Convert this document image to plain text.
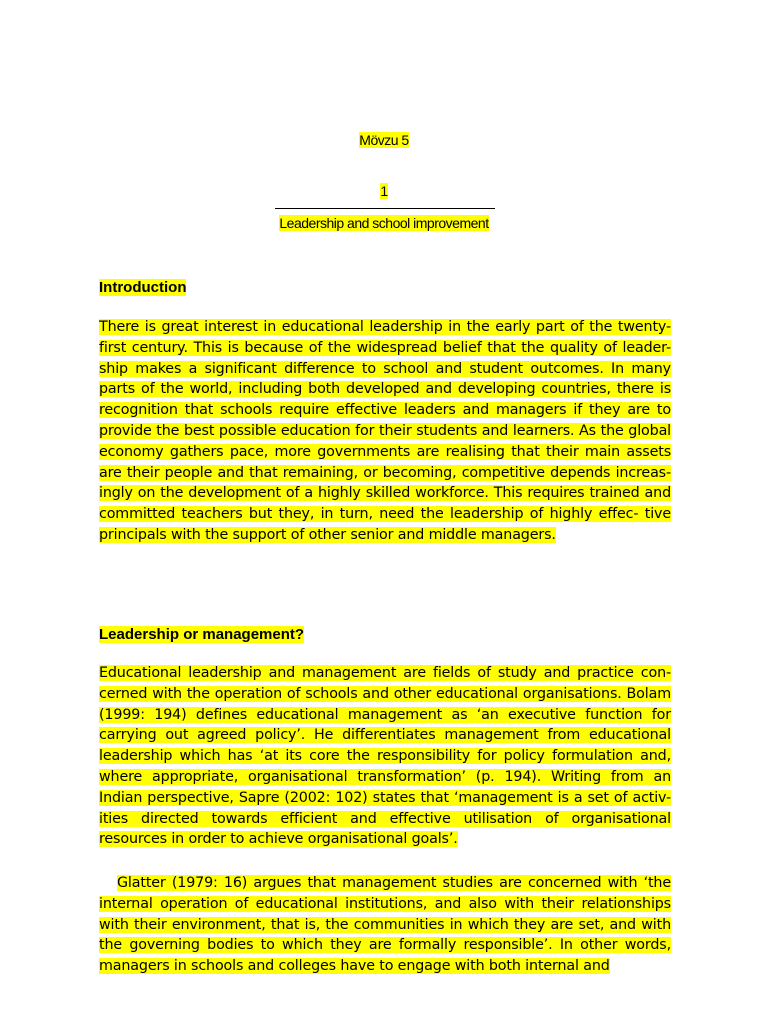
Mövzu 5
1
Leadership and school improvement
Introduction

There is great interest in educational leadership in the early part of the twenty- first century. This is because of the widespread belief that the quality of leader- ship makes a significant difference to school and student outcomes. In many parts of the world, including both developed and developing countries, there is recognition that schools require effective leaders and managers if they are to provide the best possible education for their students and learners. As the global economy gathers pace, more governments are realising that their main assets are their people and that remaining, or becoming, competitive depends increas- ingly on the development of a highly skilled workforce. This requires trained and committed teachers but they, in turn, need the leadership of highly effec- tive principals with the support of other senior and middle managers.

Leadership or management?

Educational leadership and management are fields of study and practice con- cerned with the operation of schools and other educational organisations. Bolam (1999: 194) defines educational management as ‘an executive function for carrying out agreed policy’. He differentiates management from educational leadership which has ‘at its core the responsibility for policy formulation and, where appropriate, organisational transformation’ (p. 194). Writing from an Indian perspective, Sapre (2002: 102) states that ‘management is a set of activ- ities directed towards efficient and effective utilisation of organisational resources in order to achieve organisational goals’.

Glatter (1979: 16) argues that management studies are concerned with ‘the internal operation of educational institutions, and also with their relationships with their environment, that is, the communities in which they are set, and with the governing bodies to which they are formally responsible’. In other words, managers in schools and colleges have to engage with both internal and
